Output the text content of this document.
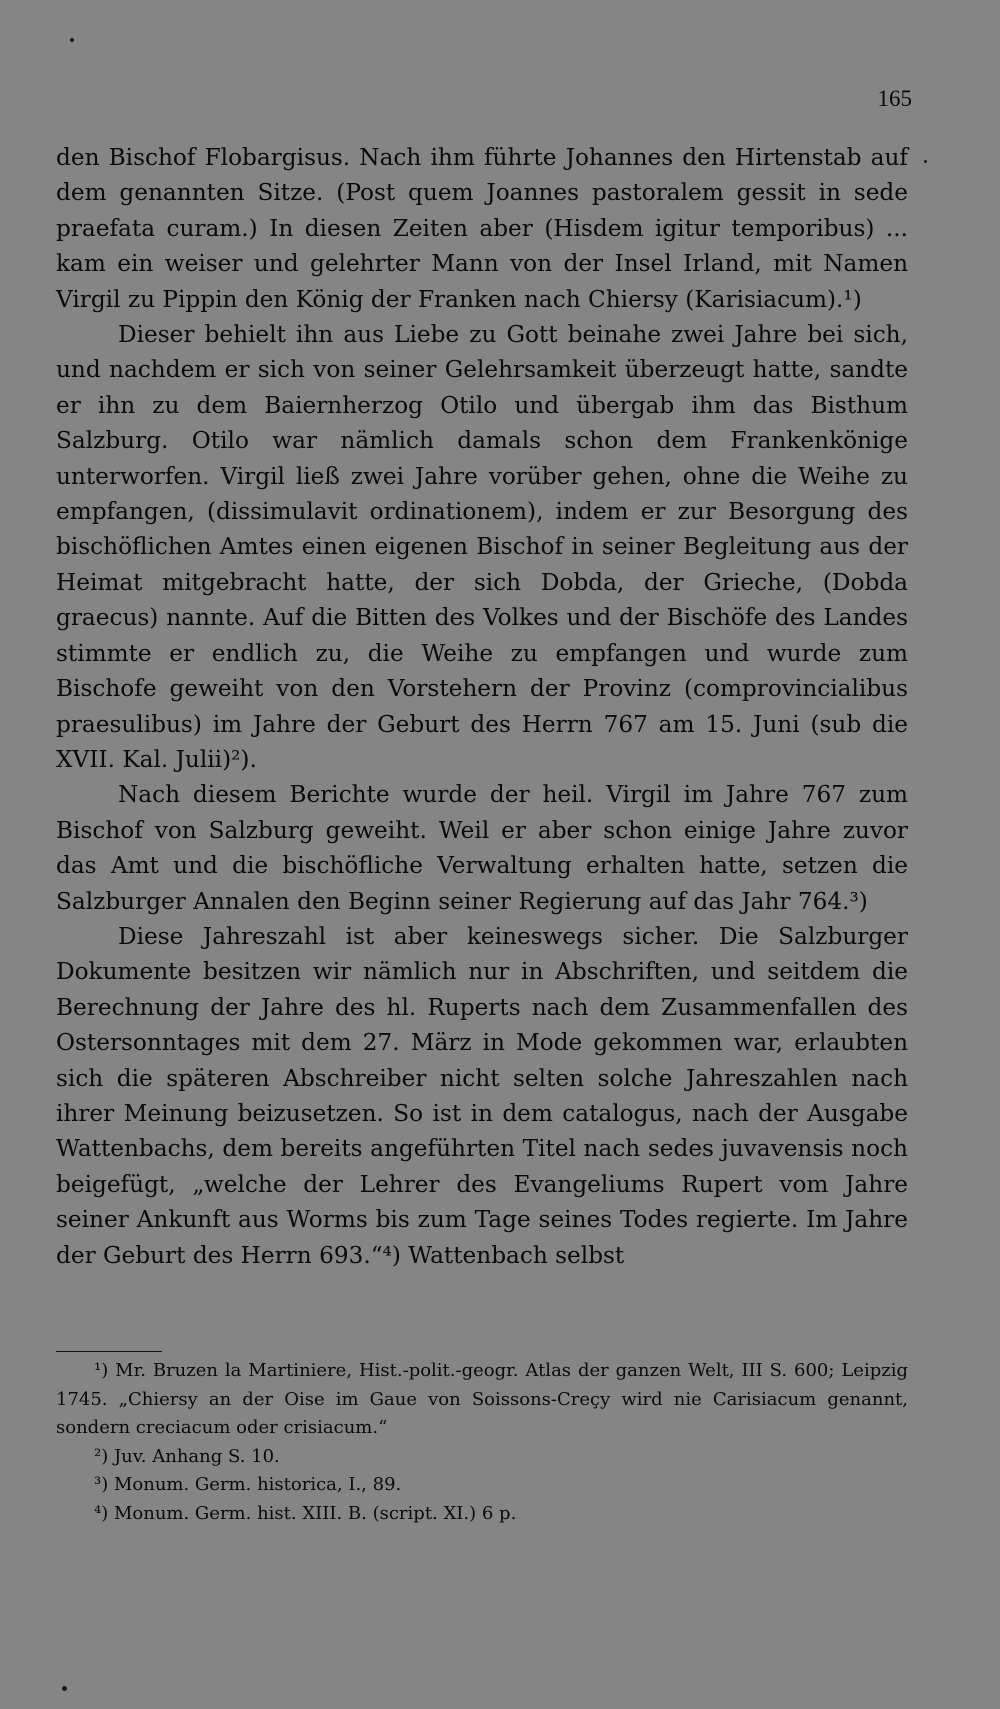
165

den Bischof Flobargisus. Nach ihm führte Johannes den Hirtenstab auf dem genannten Sitze. (Post quem Joannes pastoralem gessit in sede praefata curam.) In diesen Zeiten aber (Hisdem igitur temporibus) ... kam ein weiser und gelehrter Mann von der Insel Irland, mit Namen Virgil zu Pippin den König der Franken nach Chiersy (Karisiacum).¹)

Dieser behielt ihn aus Liebe zu Gott beinahe zwei Jahre bei sich, und nachdem er sich von seiner Gelehrsamkeit überzeugt hatte, sandte er ihn zu dem Baiernherzog Otilo und übergab ihm das Bisthum Salzburg. Otilo war nämlich damals schon dem Frankenkönige unterworfen. Virgil ließ zwei Jahre vorüber gehen, ohne die Weihe zu empfangen, (dissimulavit ordinationem), indem er zur Besorgung des bischöflichen Amtes einen eigenen Bischof in seiner Begleitung aus der Heimat mitgebracht hatte, der sich Dobda, der Grieche, (Dobda graecus) nannte. Auf die Bitten des Volkes und der Bischöfe des Landes stimmte er endlich zu, die Weihe zu empfangen und wurde zum Bischofe geweiht von den Vorstehern der Provinz (comprovincialibus praesulibus) im Jahre der Geburt des Herrn 767 am 15. Juni (sub die XVII. Kal. Julii)²).

Nach diesem Berichte wurde der heil. Virgil im Jahre 767 zum Bischof von Salzburg geweiht. Weil er aber schon einige Jahre zuvor das Amt und die bischöfliche Verwaltung erhalten hatte, setzen die Salzburger Annalen den Beginn seiner Regierung auf das Jahr 764.³)

Diese Jahreszahl ist aber keineswegs sicher. Die Salzburger Dokumente besitzen wir nämlich nur in Abschriften, und seitdem die Berechnung der Jahre des hl. Ruperts nach dem Zusammenfallen des Ostersonntages mit dem 27. März in Mode gekommen war, erlaubten sich die späteren Abschreiber nicht selten solche Jahreszahlen nach ihrer Meinung beizusetzen. So ist in dem catalogus, nach der Ausgabe Wattenbachs, dem bereits angeführten Titel nach sedes juvavensis noch beigefügt, „welche der Lehrer des Evangeliums Rupert vom Jahre seiner Ankunft aus Worms bis zum Tage seines Todes regierte. Im Jahre der Geburt des Herrn 693.“⁴) Wattenbach selbst

¹) Mr. Bruzen la Martiniere, Hist.-polit.-geogr. Atlas der ganzen Welt, III S. 600; Leipzig 1745. „Chiersy an der Oise im Gaue von Soissons-Creçy wird nie Carisiacum genannt, sondern creciacum oder crisiacum.“

²) Juv. Anhang S. 10.

³) Monum. Germ. historica, I., 89.

⁴) Monum. Germ. hist. XIII. B. (script. XI.) 6 p.
